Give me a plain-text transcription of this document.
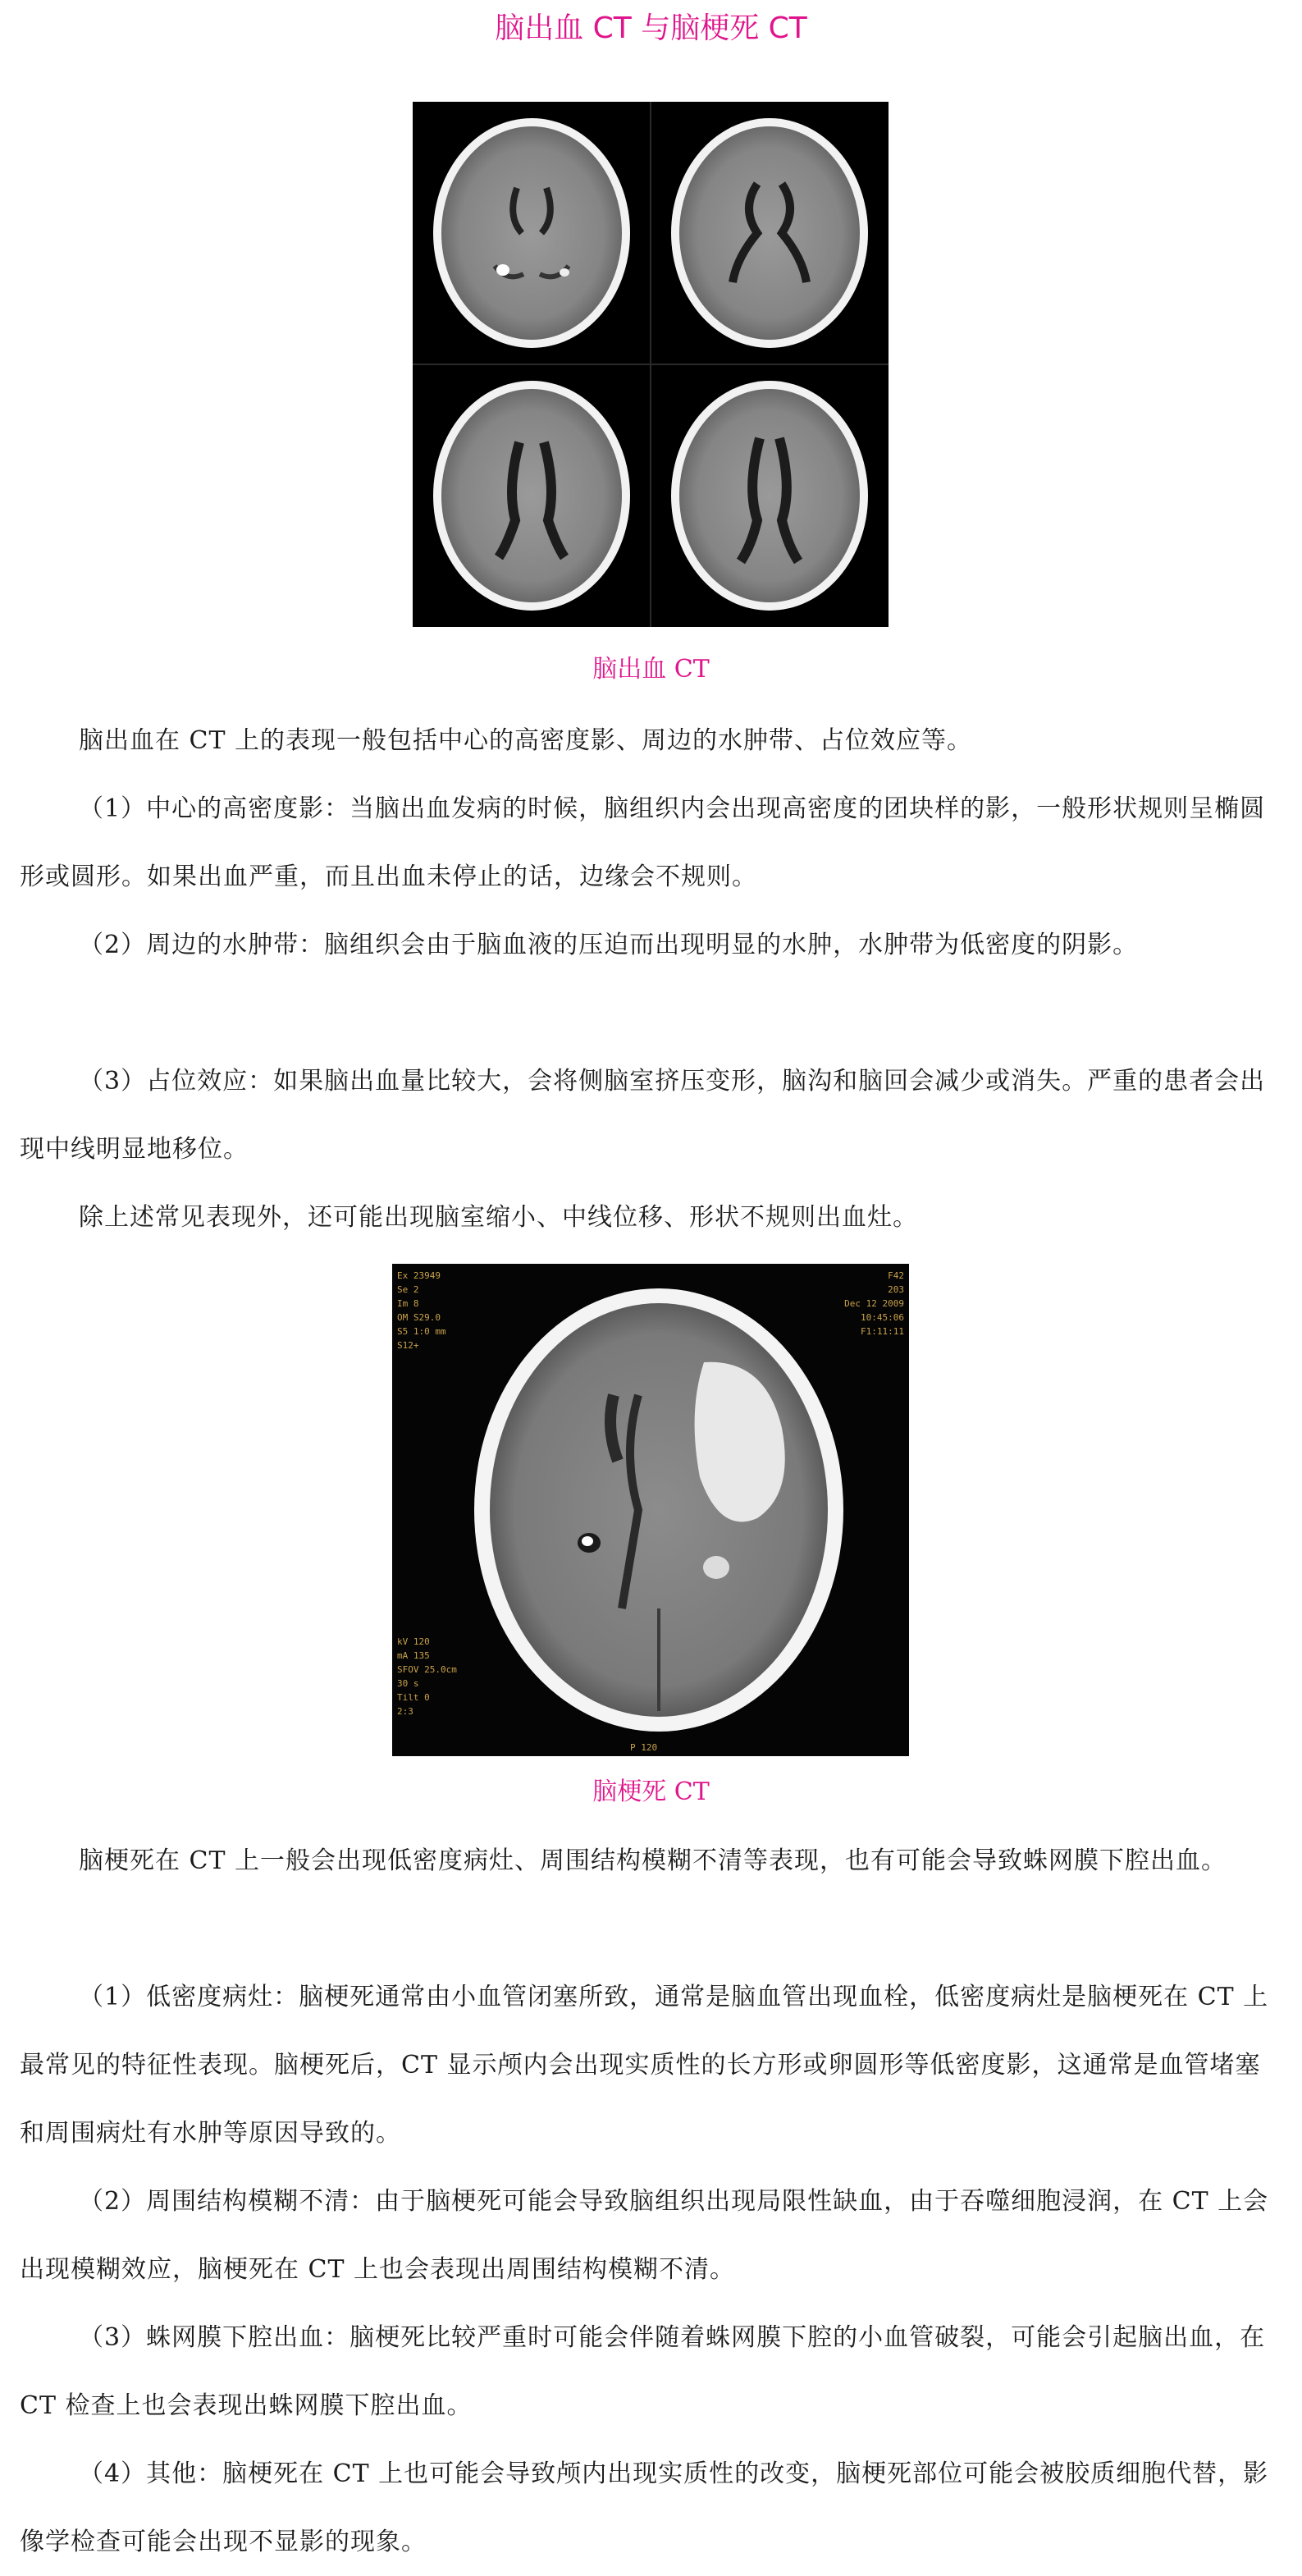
脑出血 CT 与脑梗死 CT
脑出血 CT

脑出血在 CT 上的表现一般包括中心的高密度影、周边的水肿带、占位效应等。

（1）中心的高密度影：当脑出血发病的时候，脑组织内会出现高密度的团块样的影，一般形状规则呈椭圆形或圆形。如果出血严重，而且出血未停止的话，边缘会不规则。

（2）周边的水肿带：脑组织会由于脑血液的压迫而出现明显的水肿，水肿带为低密度的阴影。

（3）占位效应：如果脑出血量比较大，会将侧脑室挤压变形，脑沟和脑回会减少或消失。严重的患者会出现中线明显地移位。

除上述常见表现外，还可能出现脑室缩小、中线位移、形状不规则出血灶。

Ex 23949
Se 2
Im 8
OM S29.0
S5 1:0 mm
S12+
kV 120
mA 135
SFOV 25.0cm
30 s
Tilt 0
2:3
F42
203
Dec 12 2009
10:45:06
F1:11:11
P 120
脑梗死 CT

脑梗死在 CT 上一般会出现低密度病灶、周围结构模糊不清等表现，也有可能会导致蛛网膜下腔出血。

（1）低密度病灶：脑梗死通常由小血管闭塞所致，通常是脑血管出现血栓，低密度病灶是脑梗死在 CT 上最常见的特征性表现。脑梗死后，CT 显示颅内会出现实质性的长方形或卵圆形等低密度影，这通常是血管堵塞和周围病灶有水肿等原因导致的。

（2）周围结构模糊不清：由于脑梗死可能会导致脑组织出现局限性缺血，由于吞噬细胞浸润，在 CT 上会出现模糊效应，脑梗死在 CT 上也会表现出周围结构模糊不清。

（3）蛛网膜下腔出血：脑梗死比较严重时可能会伴随着蛛网膜下腔的小血管破裂，可能会引起脑出血，在 CT 检查上也会表现出蛛网膜下腔出血。

（4）其他：脑梗死在 CT 上也可能会导致颅内出现实质性的改变，脑梗死部位可能会被胶质细胞代替，影像学检查可能会出现不显影的现象。
